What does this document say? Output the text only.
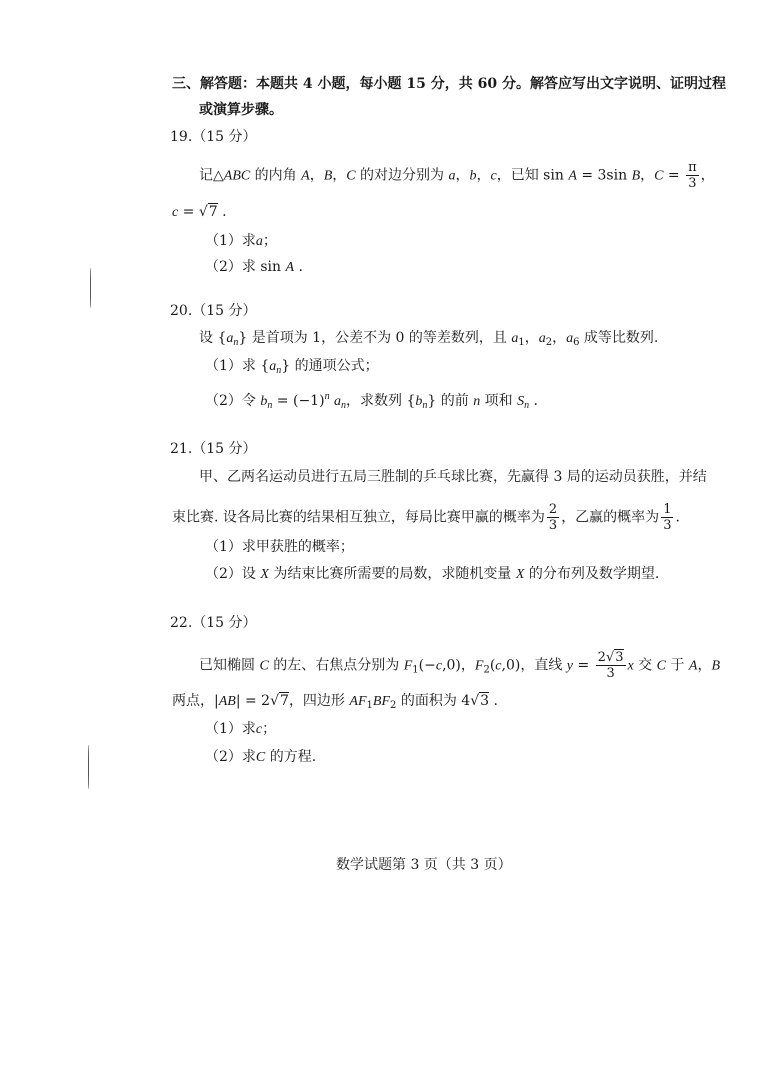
三、解答题：本题共 4 小题，每小题 15 分，共 60 分。解答应写出文字说明、证明过程
或演算步骤。
19.（15 分）
记△ABC 的内角 A，B，C 的对边分别为 a，b，c，已知 sin A = 3sin B，$C = \frac{\pi}{3}$ ，
c = √7 .
（1）求a；
（2）求 sin A .
20.（15 分）
设 $\{a_n\}$ 是首项为 1，公差不为 0 的等差数列，且 $a_1$，$a_2$，$a_6$ 成等比数列.
（1）求 $\{a_n\}$ 的通项公式；
（2）令 $b_n = (-1)^n$ $a_n$，求数列 $\{b_n\}$ 的前 n 项和 $S_n$ .
21.（15 分）
甲、乙两名运动员进行五局三胜制的乒乓球比赛，先赢得 3 局的运动员获胜，并结
束比赛. 设各局比赛的结果相互独立，每局比赛甲赢的概率为 $\frac{2}{3}$ ，乙赢的概率为 $\frac{1}{3}$ .
（1）求甲获胜的概率；
（2）设 X 为结束比赛所需要的局数，求随机变量 X 的分布列及数学期望.
22.（15 分）
已知椭圆 C 的左、右焦点分别为 $F_1(-c,0)$，$F_2(c,0)$，直线 $y = \frac{2√3}{3}$ x 交 C 于 A，B
两点，|AB| = 2√7，四边形 $AF_1BF_2$ 的面积为 4√3 .
（1）求c；
（2）求C 的方程.
数学试题第 3 页（共 3 页）
